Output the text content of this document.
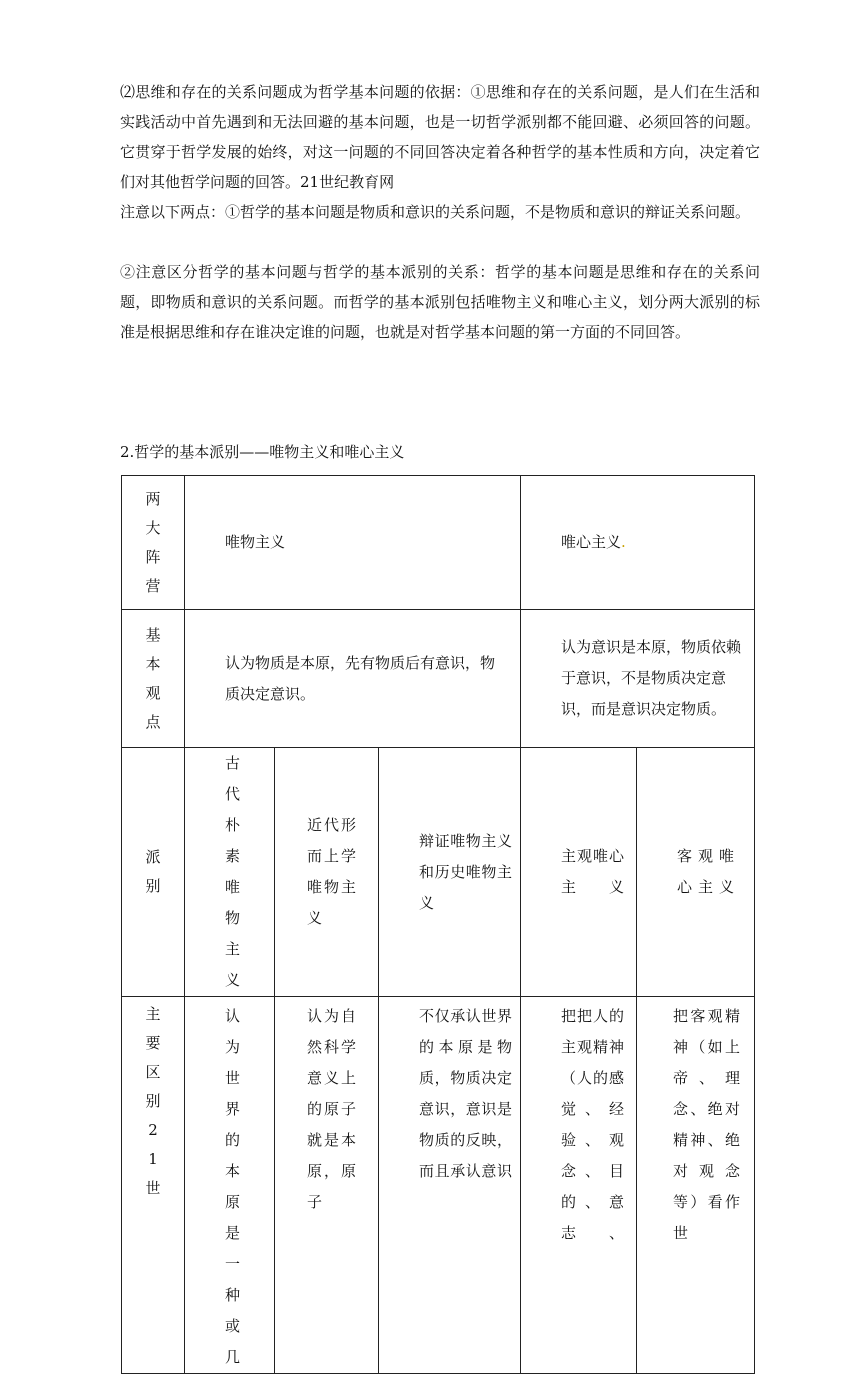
⑵思维和存在的关系问题成为哲学基本问题的依据：①思维和存在的关系问题，是人们在生活和实践活动中首先遇到和无法回避的基本问题，也是一切哲学派别都不能回避、必须回答的问题。它贯穿于哲学发展的始终，对这一问题的不同回答决定着各种哲学的基本性质和方向，决定着它们对其他哲学问题的回答。21世纪教育网

注意以下两点：①哲学的基本问题是物质和意识的关系问题，不是物质和意识的辩证关系问题。

②注意区分哲学的基本问题与哲学的基本派别的关系：哲学的基本问题是思维和存在的关系问题，即物质和意识的关系问题。而哲学的基本派别包括唯物主义和唯心主义，划分两大派别的标准是根据思维和存在谁决定谁的问题，也就是对哲学基本问题的第一方面的不同回答。

2.哲学的基本派别——唯物主义和唯心主义

两大阵营	唯物主义			唯心主义.	
基本观点	认为物质是本原，先有物质后有意识，物质决定意识。			认为意识是本原，物质依赖于意识，不是物质决定意识，而是意识决定物质。	
派别	古代朴素唯物主义	近代形而上学唯物主义	辩证唯物主义和历史唯物主义	主观唯心主义	客观唯心主义
主要区别21世	认为世界的本原是一种或几	认为自然科学意义上的原子就是本原，原子	不仅承认世界的本原是物质，物质决定意识，意识是物质的反映，而且承认意识	把把人的主观精神（人的感觉、经验、观念、目的、意志、	把客观精神（如上帝、理念、绝对精神、绝对观念等）看作世
